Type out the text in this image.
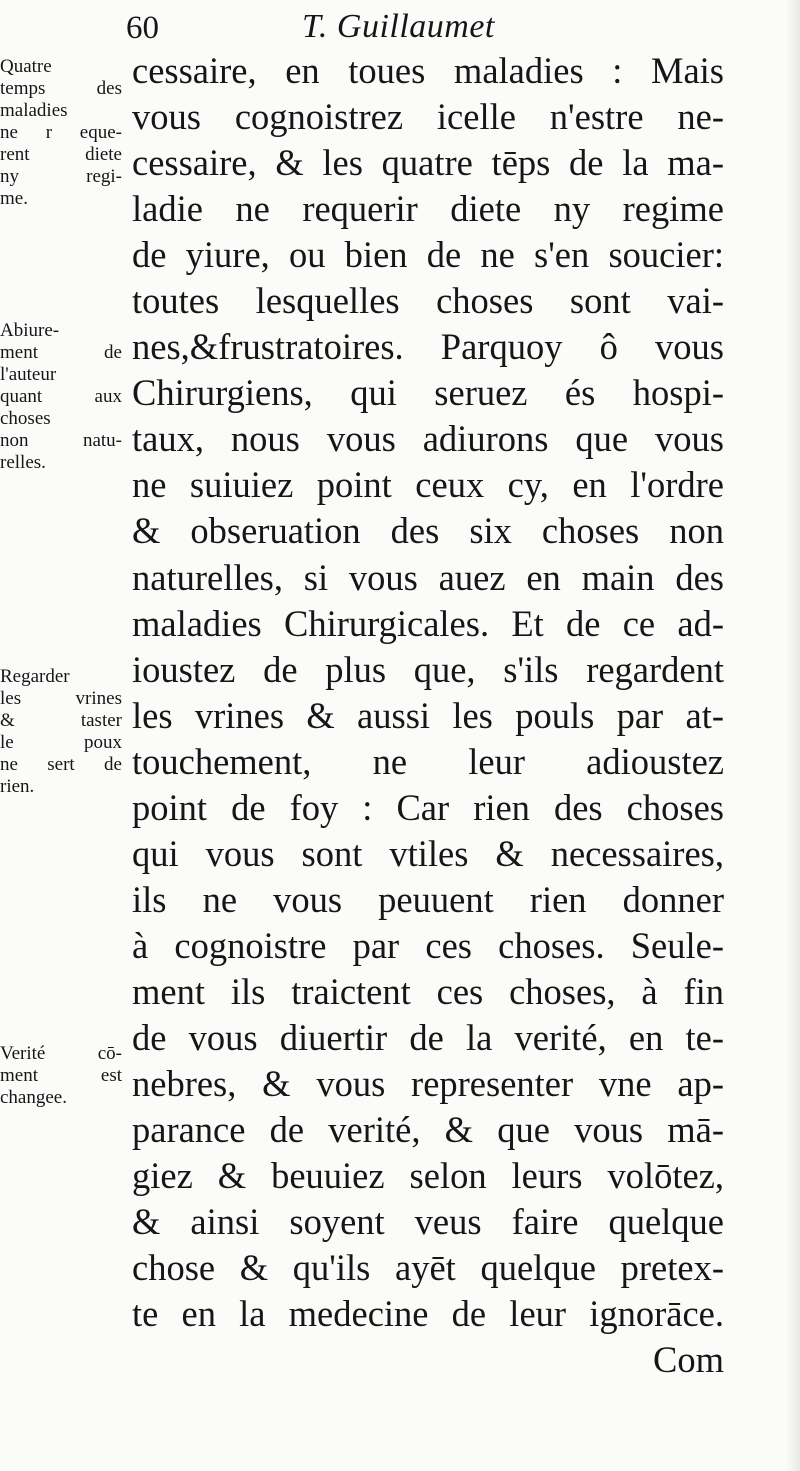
60	T. Guillaumet
Quatre
temps des
maladies
ne r eque-
rent diete
ny regi-
me.
Abiure-
ment de
l'auteur
quant aux
choses
non natu-
relles.
Regarder
les vrines
& taster
le poux
ne sert de
rien.
Verité cō-
ment est
changee.
cessaire, en toues maladies : Mais
vous cognoistrez icelle n'estre ne-
cessaire, & les quatre tēps de la ma-
ladie ne requerir diete ny regime
de yiure, ou bien de ne s'en soucier:
toutes lesquelles choses sont vai-
nes,&frustratoires. Parquoy ô vous
Chirurgiens, qui seruez és hospi-
taux, nous vous adiurons que vous
ne suiuiez point ceux cy, en l'ordre
& obseruation des six choses non
naturelles, si vous auez en main des
maladies Chirurgicales. Et de ce ad-
ioustez de plus que, s'ils regardent
les vrines & aussi les pouls par at-
touchement, ne leur adioustez
point de foy : Car rien des choses
qui vous sont vtiles & necessaires,
ils ne vous peuuent rien donner
à cognoistre par ces choses. Seule-
ment ils traictent ces choses, à fin
de vous diuertir de la verité, en te-
nebres, & vous representer vne ap-
parance de verité, & que vous mā-
giez & beuuiez selon leurs volōtez,
& ainsi soyent veus faire quelque
chose & qu'ils ayēt quelque pretex-
te en la medecine de leur ignorāce.
Com
